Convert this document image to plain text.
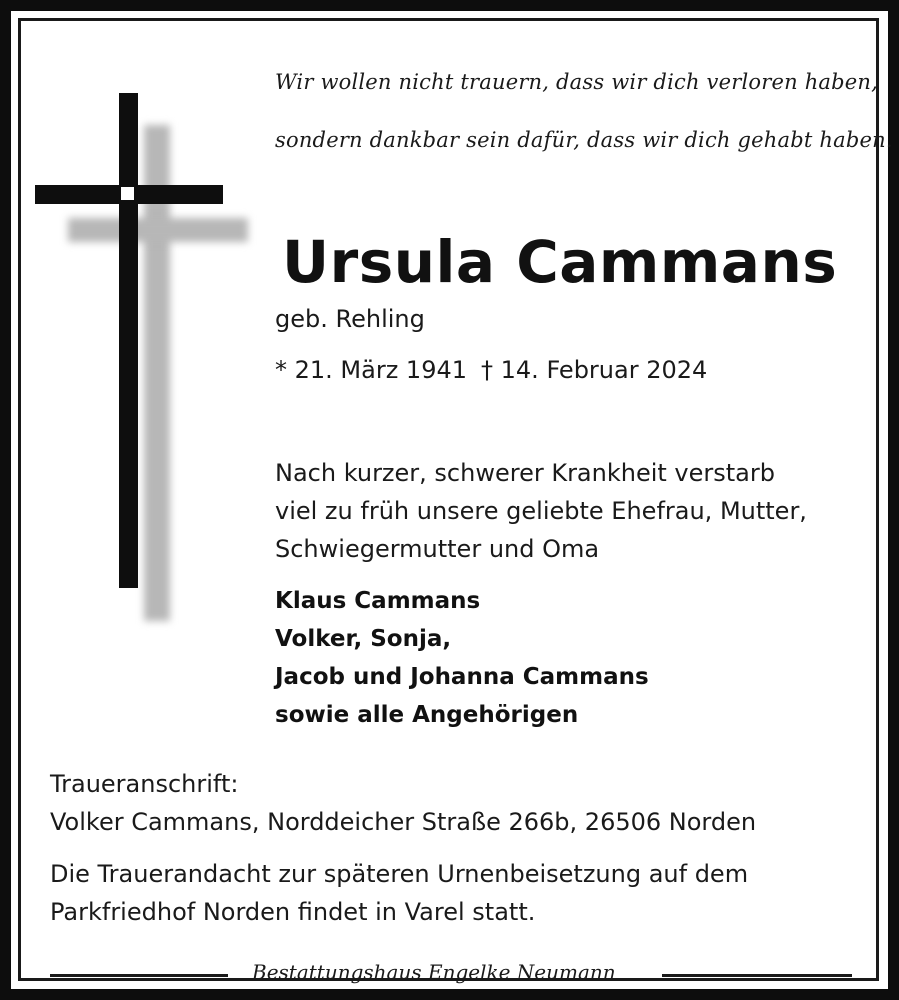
Wir wollen nicht trauern, dass wir dich verloren haben,
sondern dankbar sein dafür, dass wir dich gehabt haben.
Ursula Cammans
geb. Rehling
* 21. März 1941 † 14. Februar 2024
Nach kurzer, schwerer Krankheit verstarb
viel zu früh unsere geliebte Ehefrau, Mutter,
Schwiegermutter und Oma
Klaus Cammans
Volker, Sonja,
Jacob und Johanna Cammans
sowie alle Angehörigen
Traueranschrift:
Volker Cammans, Norddeicher Straße 266b, 26506 Norden
Die Trauerandacht zur späteren Urnenbeisetzung auf dem
Parkfriedhof Norden findet in Varel statt.
Bestattungshaus Engelke Neumann
